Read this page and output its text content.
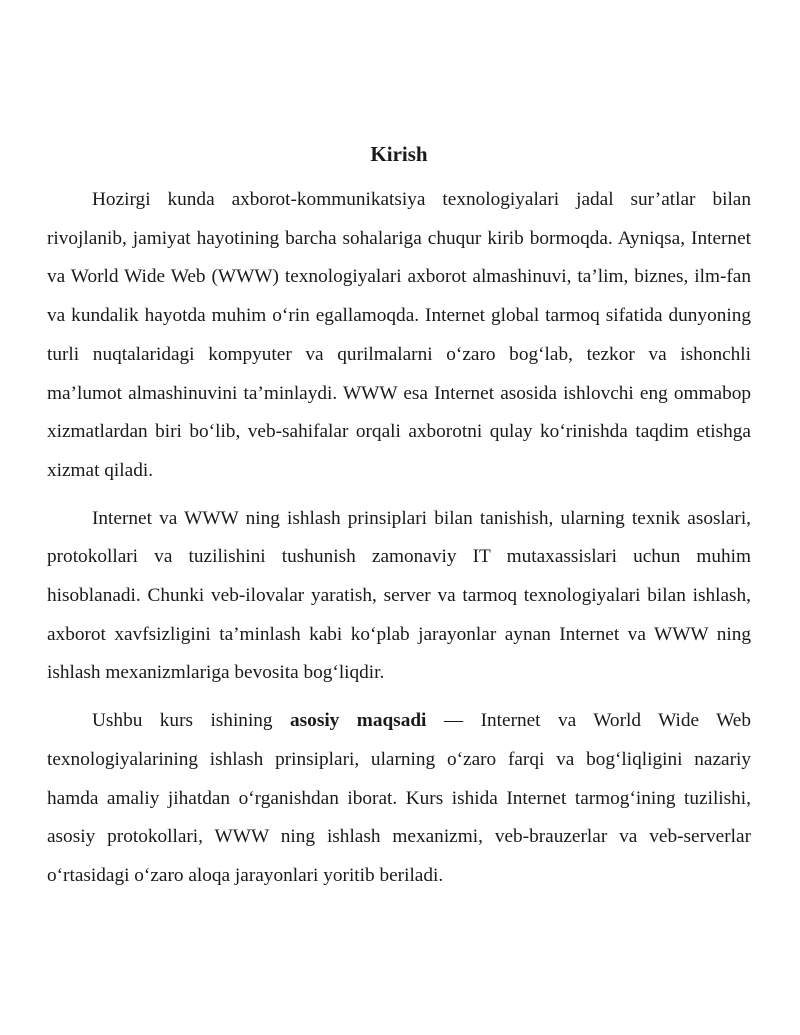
Kirish

Hozirgi kunda axborot-kommunikatsiya texnologiyalari jadal sur’atlar bilan rivojlanib, jamiyat hayotining barcha sohalariga chuqur kirib bormoqda. Ayniqsa, Internet va World Wide Web (WWW) texnologiyalari axborot almashinuvi, ta’lim, biznes, ilm-fan va kundalik hayotda muhim o‘rin egallamoqda. Internet global tarmoq sifatida dunyoning turli nuqtalaridagi kompyuter va qurilmalarni o‘zaro bog‘lab, tezkor va ishonchli ma’lumot almashinuvini ta’minlaydi. WWW esa Internet asosida ishlovchi eng ommabop xizmatlardan biri bo‘lib, veb-sahifalar orqali axborotni qulay ko‘rinishda taqdim etishga xizmat qiladi.

Internet va WWW ning ishlash prinsiplari bilan tanishish, ularning texnik asoslari, protokollari va tuzilishini tushunish zamonaviy IT mutaxassislari uchun muhim hisoblanadi. Chunki veb-ilovalar yaratish, server va tarmoq texnologiyalari bilan ishlash, axborot xavfsizligini ta’minlash kabi ko‘plab jarayonlar aynan Internet va WWW ning ishlash mexanizmlariga bevosita bog‘liqdir.

Ushbu kurs ishining asosiy maqsadi — Internet va World Wide Web texnologiyalarining ishlash prinsiplari, ularning o‘zaro farqi va bog‘liqligini nazariy hamda amaliy jihatdan o‘rganishdan iborat. Kurs ishida Internet tarmog‘ining tuzilishi, asosiy protokollari, WWW ning ishlash mexanizmi, veb-brauzerlar va veb-serverlar o‘rtasidagi o‘zaro aloqa jarayonlari yoritib beriladi.
